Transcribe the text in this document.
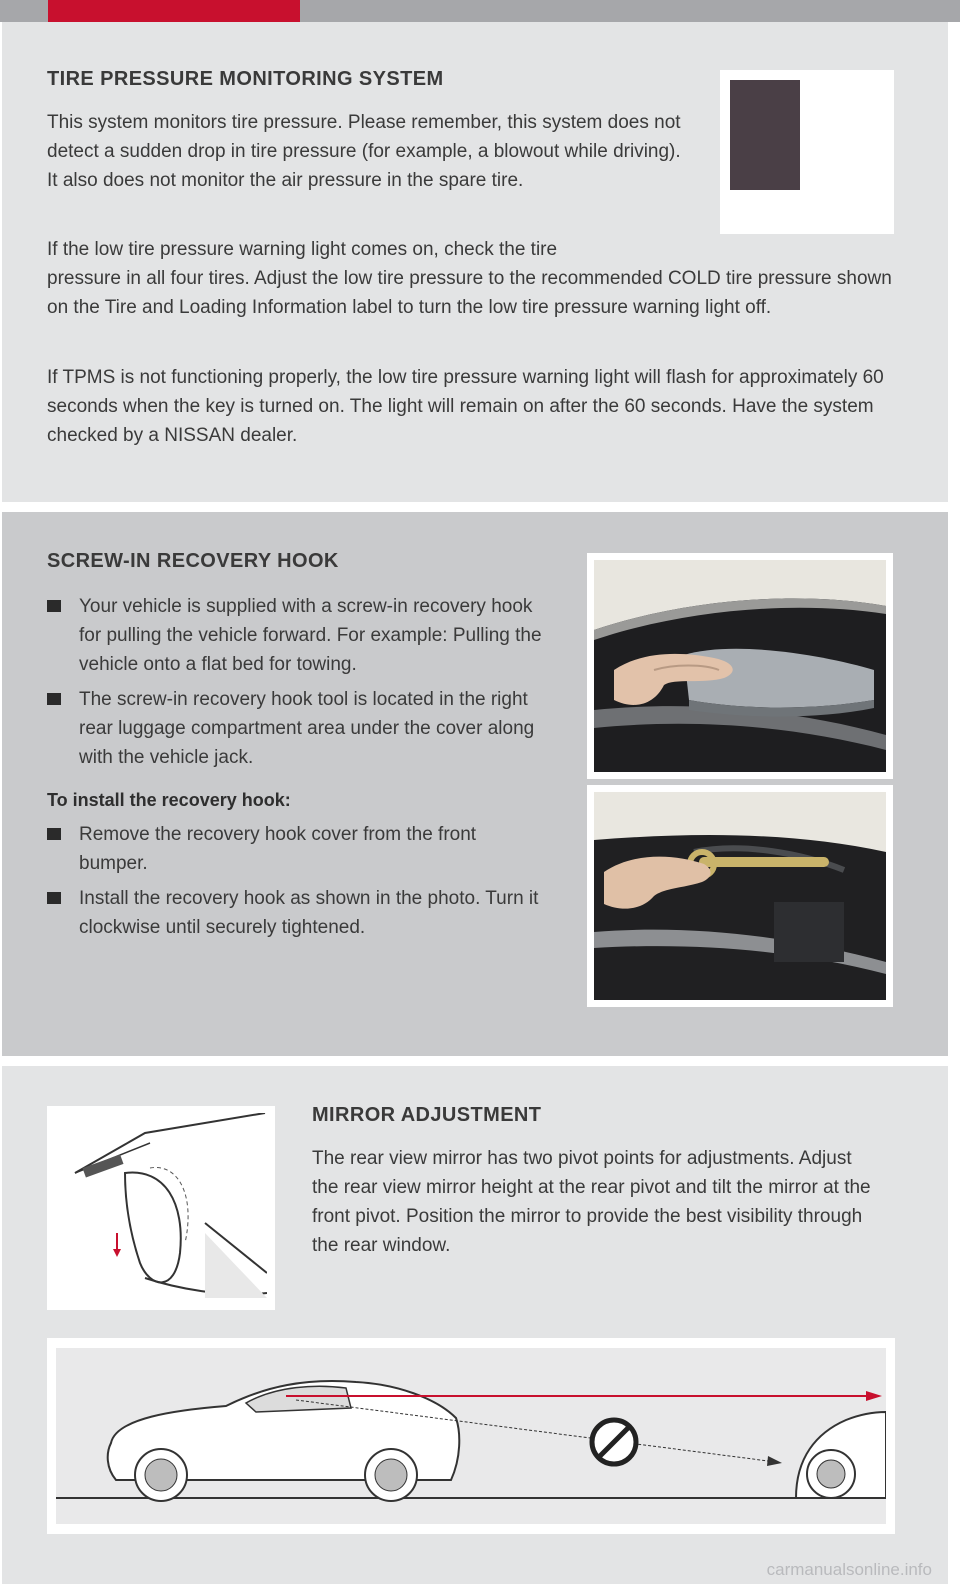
TIRE PRESSURE MONITORING SYSTEM

This system monitors tire pressure. Please remember, this system does not detect a sudden drop in tire pressure (for example, a blowout while driving). It also does not monitor the air pressure in the spare tire.

If the low tire pressure warning light comes on, check the tire

pressure in all four tires. Adjust the low tire pressure to the recommended COLD tire pressure shown on the Tire and Loading Information label to turn the low tire pressure warning light off.

If TPMS is not functioning properly, the low tire pressure warning light will flash for approximately 60 seconds when the key is turned on. The light will remain on after the 60 seconds. Have the system checked by a NISSAN dealer.

SCREW-IN RECOVERY HOOK
Your vehicle is supplied with a screw-in recovery hook for pulling the vehicle forward. For example: Pulling the vehicle onto a flat bed for towing.
The screw-in recovery hook tool is located in the right rear luggage compartment area under the cover along with the vehicle jack.
To install the recovery hook:
Remove the recovery hook cover from the front bumper.
Install the recovery hook as shown in the photo. Turn it clockwise until securely tightened.
MIRROR ADJUSTMENT

The rear view mirror has two pivot points for adjustments. Adjust the rear view mirror height at the rear pivot and tilt the mirror at the front pivot. Position the mirror to provide the best visibility through the rear window.

carmanualsonline.info
